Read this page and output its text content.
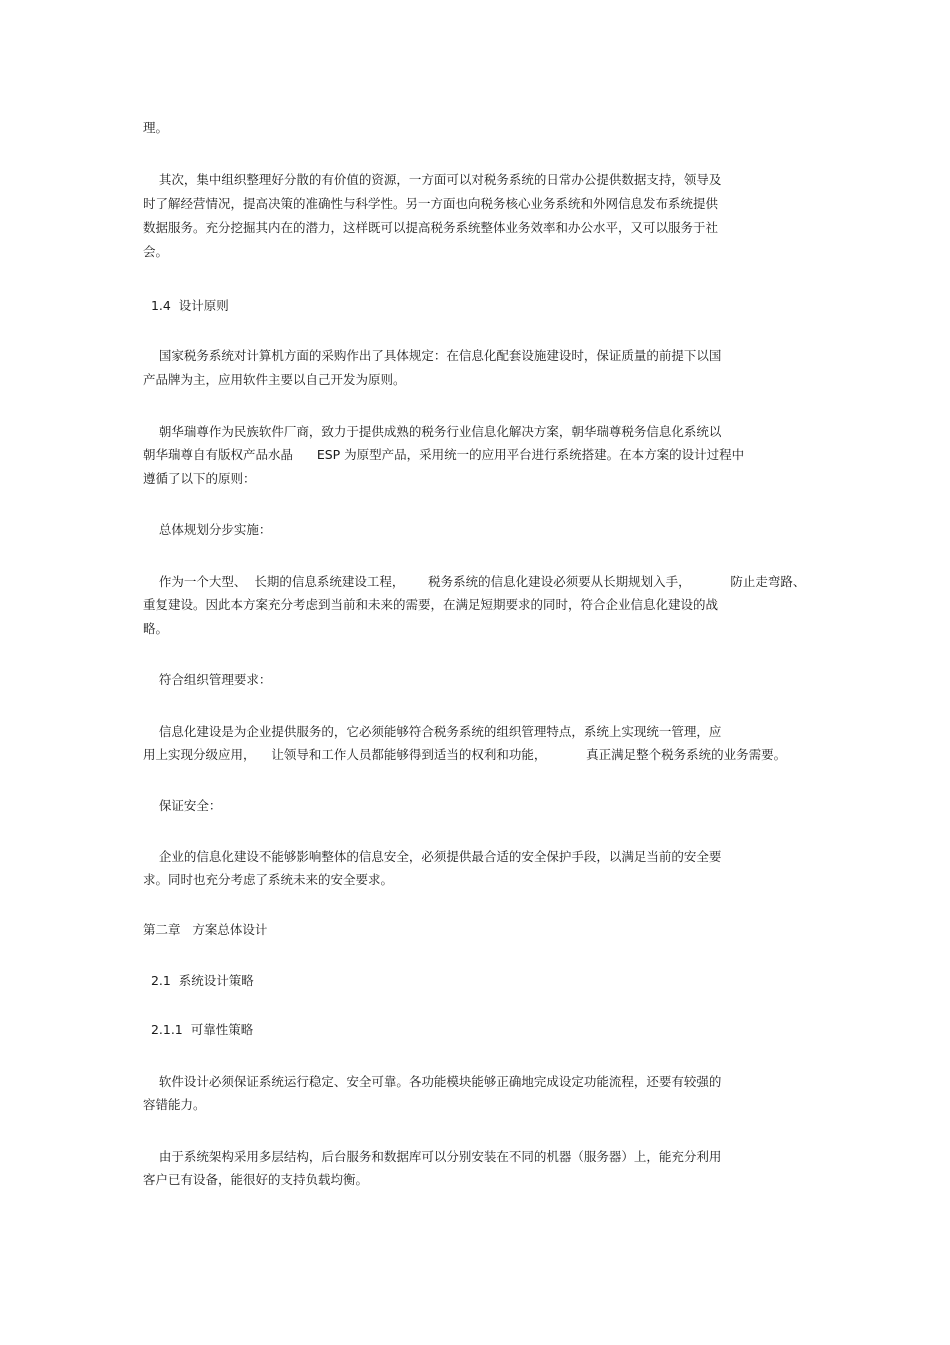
理。
其次，集中组织整理好分散的有价值的资源，一方面可以对税务系统的日常办公提供数据支持，领导及
时了解经营情况，提高决策的准确性与科学性。另一方面也向税务核心业务系统和外网信息发布系统提供
数据服务。充分挖掘其内在的潜力，这样既可以提高税务系统整体业务效率和办公水平，又可以服务于社
会。
1.4  设计原则
国家税务系统对计算机方面的采购作出了具体规定：在信息化配套设施建设时，保证质量的前提下以国
产品牌为主，应用软件主要以自己开发为原则。
朝华瑞尊作为民族软件厂商，致力于提供成熟的税务行业信息化解决方案，朝华瑞尊税务信息化系统以
朝华瑞尊自有版权产品水晶      ESP 为原型产品，采用统一的应用平台进行系统搭建。在本方案的设计过程中
遵循了以下的原则：
总体规划分步实施：
作为一个大型、  长期的信息系统建设工程，      税务系统的信息化建设必须要从长期规划入手，          防止走弯路、
重复建设。因此本方案充分考虑到当前和未来的需要，在满足短期要求的同时，符合企业信息化建设的战
略。
符合组织管理要求：
信息化建设是为企业提供服务的，它必须能够符合税务系统的组织管理特点，系统上实现统一管理，应
用上实现分级应用，    让领导和工作人员都能够得到适当的权利和功能，          真正满足整个税务系统的业务需要。
保证安全：
企业的信息化建设不能够影响整体的信息安全，必须提供最合适的安全保护手段，以满足当前的安全要
求。同时也充分考虑了系统未来的安全要求。
第二章   方案总体设计
2.1  系统设计策略
2.1.1  可靠性策略
软件设计必须保证系统运行稳定、安全可靠。各功能模块能够正确地完成设定功能流程，还要有较强的
容错能力。
由于系统架构采用多层结构，后台服务和数据库可以分别安装在不同的机器（服务器）上，能充分利用
客户已有设备，能很好的支持负载均衡。
